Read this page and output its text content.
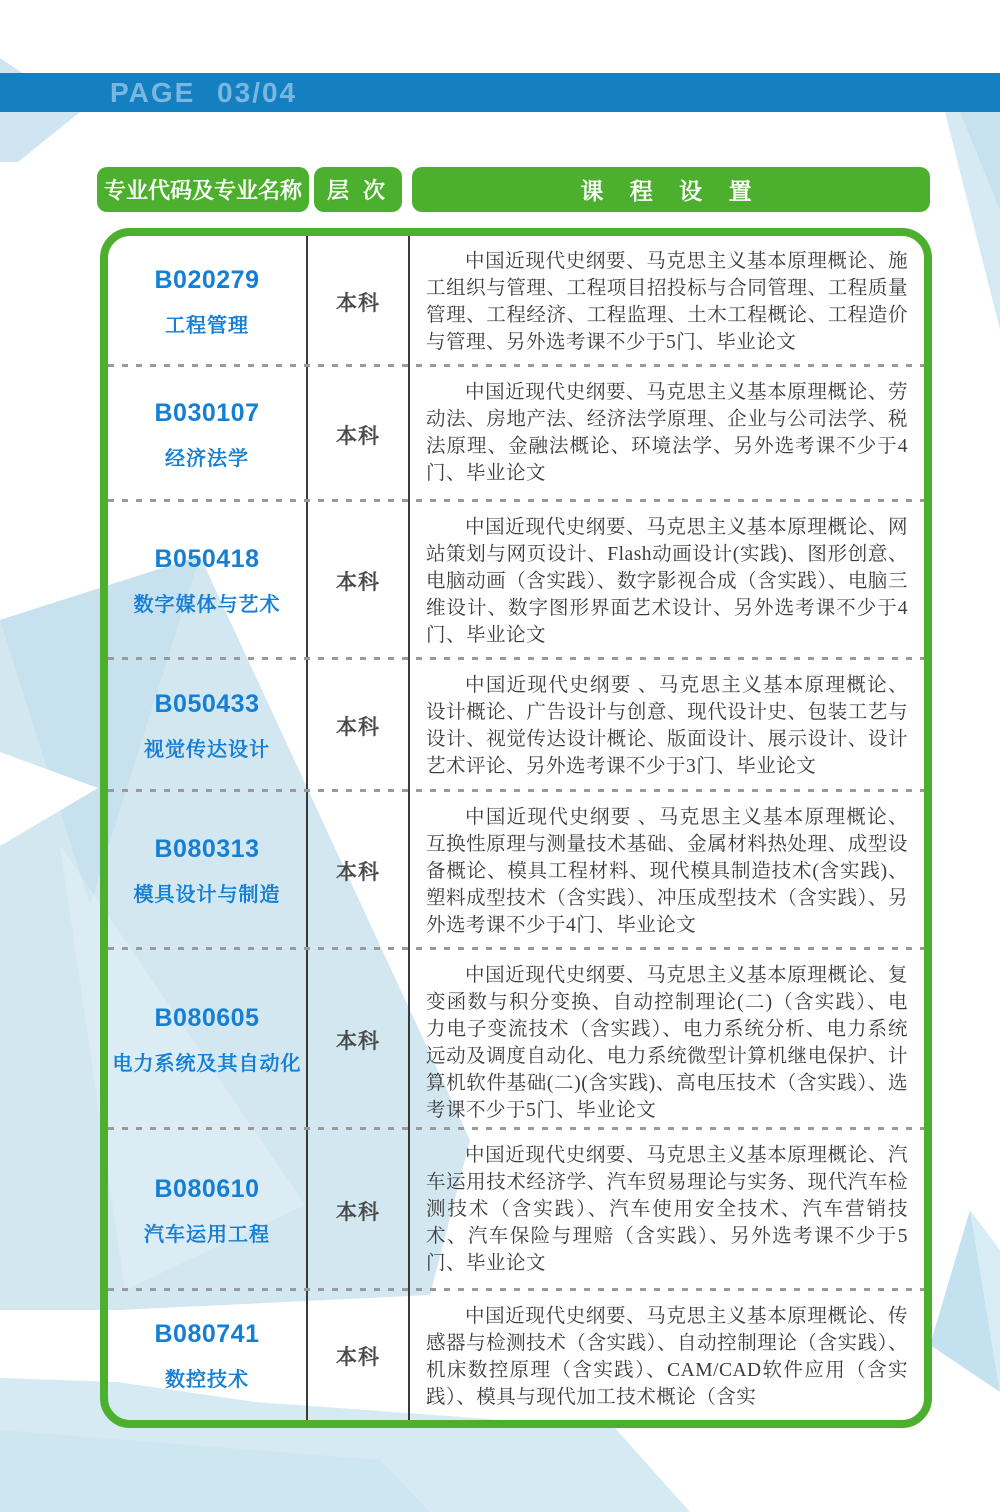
PAGE 03/04
专业代码及专业名称	层 次	课 程 设 置
B020279
工程管理
本科
中国近现代史纲要、马克思主义基本原理概论、施工组织与管理、工程项目招投标与合同管理、工程质量管理、工程经济、工程监理、土木工程概论、工程造价与管理、另外选考课不少于5门、毕业论文
B030107
经济法学
本科
中国近现代史纲要、马克思主义基本原理概论、劳动法、房地产法、经济法学原理、企业与公司法学、税法原理、金融法概论、环境法学、另外选考课不少于4门、毕业论文
B050418
数字媒体与艺术
本科
中国近现代史纲要、马克思主义基本原理概论、网站策划与网页设计、Flash动画设计(实践)、图形创意、电脑动画（含实践）、数字影视合成（含实践）、电脑三维设计、数字图形界面艺术设计、另外选考课不少于4门、毕业论文
B050433
视觉传达设计
本科
中国近现代史纲要 、马克思主义基本原理概论、设计概论、广告设计与创意、现代设计史、包装工艺与设计、视觉传达设计概论、版面设计、展示设计、设计艺术评论、另外选考课不少于3门、毕业论文
B080313
模具设计与制造
本科
中国近现代史纲要 、马克思主义基本原理概论、互换性原理与测量技术基础、金属材料热处理、成型设备概论、模具工程材料、现代模具制造技术(含实践)、塑料成型技术（含实践）、冲压成型技术（含实践）、另外选考课不少于4门、毕业论文
B080605
电力系统及其自动化
本科
中国近现代史纲要、马克思主义基本原理概论、复变函数与积分变换、自动控制理论(二)（含实践）、电力电子变流技术（含实践）、电力系统分析、电力系统远动及调度自动化、电力系统微型计算机继电保护、计算机软件基础(二)(含实践)、高电压技术（含实践）、选考课不少于5门、毕业论文
B080610
汽车运用工程
本科
中国近现代史纲要、马克思主义基本原理概论、汽车运用技术经济学、汽车贸易理论与实务、现代汽车检测技术（含实践）、汽车使用安全技术、汽车营销技术、汽车保险与理赔（含实践）、另外选考课不少于5门、毕业论文
B080741
数控技术
本科
中国近现代史纲要、马克思主义基本原理概论、传感器与检测技术（含实践）、自动控制理论（含实践）、机床数控原理（含实践）、CAM/CAD软件应用（含实践）、模具与现代加工技术概论（含实
